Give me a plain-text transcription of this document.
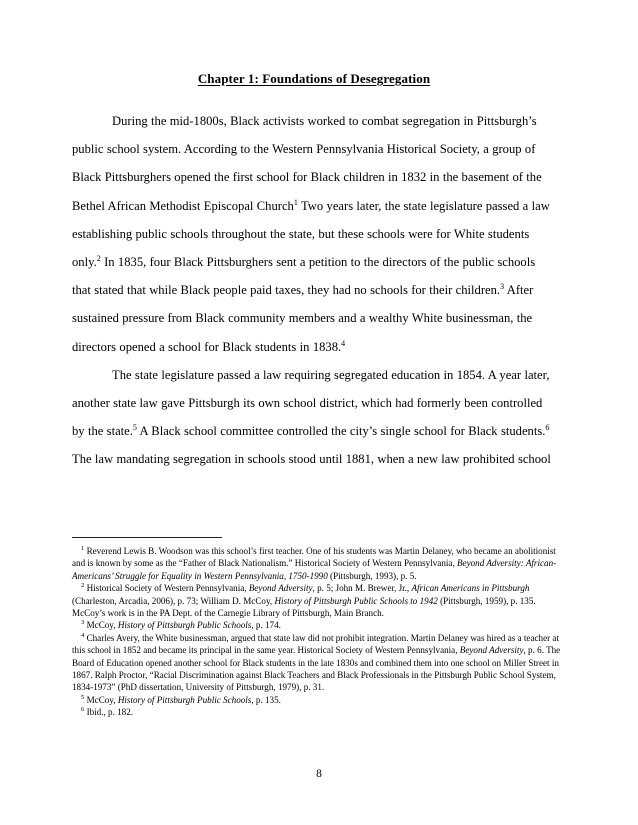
Chapter 1: Foundations of Desegregation

During the mid-1800s, Black activists worked to combat segregation in Pittsburgh’s public school system. According to the Western Pennsylvania Historical Society, a group of Black Pittsburghers opened the first school for Black children in 1832 in the basement of the Bethel African Methodist Episcopal Church$^1$ Two years later, the state legislature passed a law establishing public schools throughout the state, but these schools were for White students only.$^2$ In 1835, four Black Pittsburghers sent a petition to the directors of the public schools that stated that while Black people paid taxes, they had no schools for their children.$^3$ After sustained pressure from Black community members and a wealthy White businessman, the directors opened a school for Black students in 1838.$^4$

The state legislature passed a law requiring segregated education in 1854. A year later, another state law gave Pittsburgh its own school district, which had formerly been controlled by the state.$^5$ A Black school committee controlled the city’s single school for Black students.$^6$ The law mandating segregation in schools stood until 1881, when a new law prohibited school

$^1$ Reverend Lewis B. Woodson was this school’s first teacher. One of his students was Martin Delaney, who became an abolitionist and is known by some as the “Father of Black Nationalism.” Historical Society of Western Pennsylvania, Beyond Adversity: African-Americans’ Struggle for Equality in Western Pennsylvania, 1750-1990 (Pittsburgh, 1993), p. 5.

$^2$ Historical Society of Western Pennsylvania, Beyond Adversity, p. 5; John M. Brewer, Jr., African Americans in Pittsburgh (Charleston, Arcadia, 2006), p. 73; William D. McCoy, History of Pittsburgh Public Schools to 1942 (Pittsburgh, 1959), p. 135. McCoy’s work is in the PA Dept. of the Carnegie Library of Pittsburgh, Main Branch.

$^3$ McCoy, History of Pittsburgh Public Schools, p. 174.

$^4$ Charles Avery, the White businessman, argued that state law did not prohibit integration. Martin Delaney was hired as a teacher at this school in 1852 and became its principal in the same year. Historical Society of Western Pennsylvania, Beyond Adversity, p. 6. The Board of Education opened another school for Black students in the late 1830s and combined them into one school on Miller Street in 1867. Ralph Proctor, “Racial Discrimination against Black Teachers and Black Professionals in the Pittsburgh Public School System, 1834-1973” (PhD dissertation, University of Pittsburgh, 1979), p. 31.

$^5$ McCoy, History of Pittsburgh Public Schools, p. 135.

$^6$ Ibid., p. 182.

8
